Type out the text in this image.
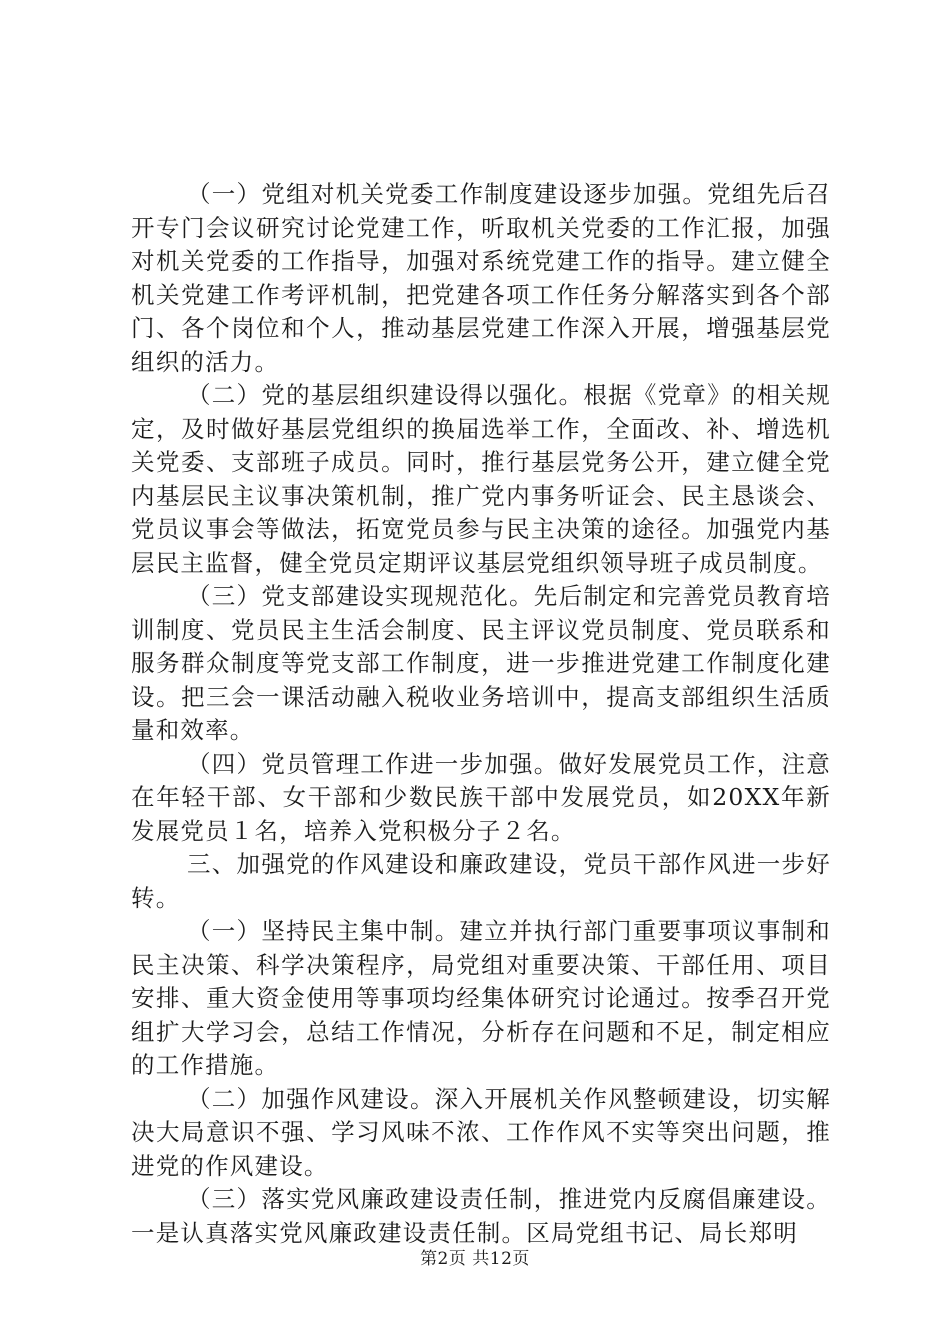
（一）党组对机关党委工作制度建设逐步加强。党组先后召开专门会议研究讨论党建工作，听取机关党委的工作汇报，加强对机关党委的工作指导，加强对系统党建工作的指导。建立健全机关党建工作考评机制，把党建各项工作任务分解落实到各个部门、各个岗位和个人，推动基层党建工作深入开展，增强基层党组织的活力。

（二）党的基层组织建设得以强化。根据《党章》的相关规定，及时做好基层党组织的换届选举工作，全面改、补、增选机关党委、支部班子成员。同时，推行基层党务公开，建立健全党内基层民主议事决策机制，推广党内事务听证会、民主恳谈会、党员议事会等做法，拓宽党员参与民主决策的途径。加强党内基层民主监督，健全党员定期评议基层党组织领导班子成员制度。

（三）党支部建设实现规范化。先后制定和完善党员教育培训制度、党员民主生活会制度、民主评议党员制度、党员联系和服务群众制度等党支部工作制度，进一步推进党建工作制度化建设。把三会一课活动融入税收业务培训中，提高支部组织生活质量和效率。

（四）党员管理工作进一步加强。做好发展党员工作，注意在年轻干部、女干部和少数民族干部中发展党员，如20XX年新发展党员１名，培养入党积极分子２名。

三、加强党的作风建设和廉政建设，党员干部作风进一步好转。

（一）坚持民主集中制。建立并执行部门重要事项议事制和民主决策、科学决策程序，局党组对重要决策、干部任用、项目安排、重大资金使用等事项均经集体研究讨论通过。按季召开党组扩大学习会，总结工作情况，分析存在问题和不足，制定相应的工作措施。

（二）加强作风建设。深入开展机关作风整顿建设，切实解决大局意识不强、学习风味不浓、工作作风不实等突出问题，推进党的作风建设。

（三）落实党风廉政建设责任制，推进党内反腐倡廉建设。一是认真落实党风廉政建设责任制。区局党组书记、局长郑明

第2页 共12页
